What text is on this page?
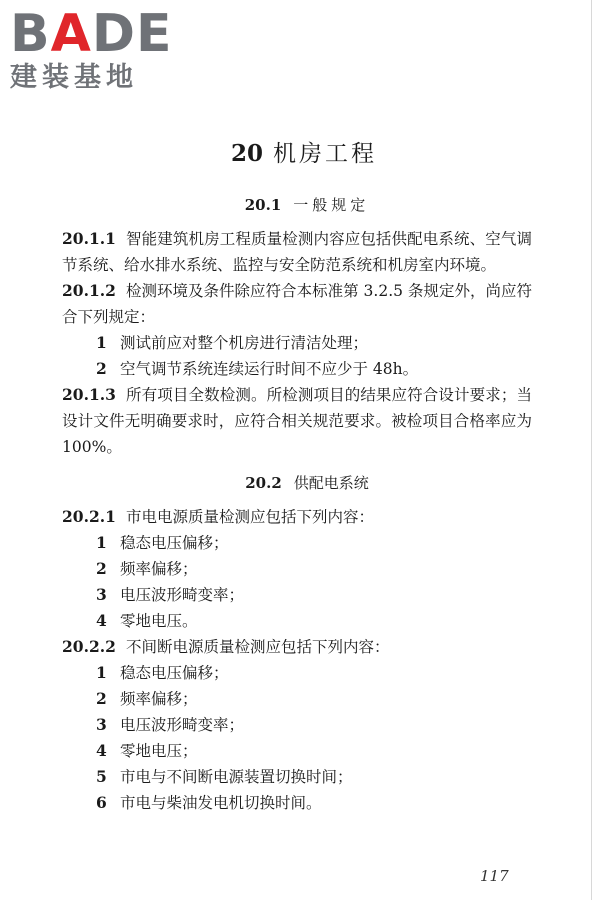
BADE
建装基地
20 机房工程
20.1 一般规定
20.1.1 智能建筑机房工程质量检测内容应包括供配电系统、空气调节系统、给水排水系统、监控与安全防范系统和机房室内环境。
20.1.2 检测环境及条件除应符合本标准第 3.2.5 条规定外，尚应符合下列规定：
1 测试前应对整个机房进行清洁处理；
2 空气调节系统连续运行时间不应少于 48h。
20.1.3 所有项目全数检测。所检测项目的结果应符合设计要求；当设计文件无明确要求时，应符合相关规范要求。被检项目合格率应为 100%。
20.2 供配电系统
20.2.1 市电电源质量检测应包括下列内容：
1 稳态电压偏移；
2 频率偏移；
3 电压波形畸变率；
4 零地电压。
20.2.2 不间断电源质量检测应包括下列内容：
1 稳态电压偏移；
2 频率偏移；
3 电压波形畸变率；
4 零地电压；
5 市电与不间断电源装置切换时间；
6 市电与柴油发电机切换时间。
117
